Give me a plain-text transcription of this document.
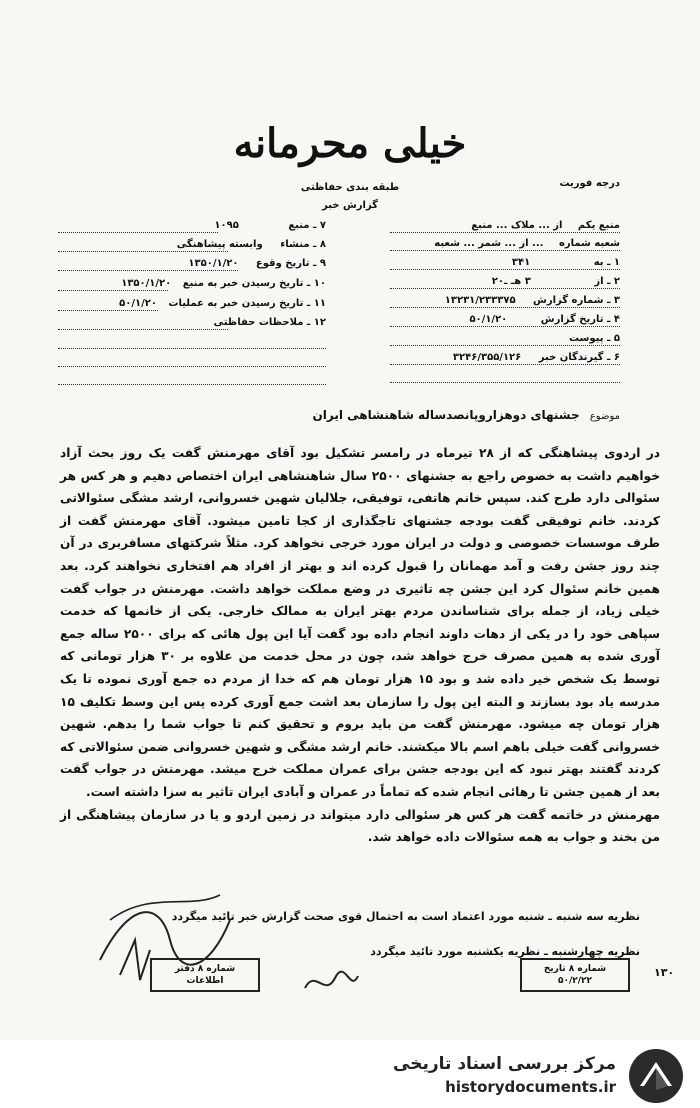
خیلی محرمانه
درجه فوریت
طبقه بندی حفاظتی
گزارش خبر
منبع یکم از ... ملاک ... منبع
شعبه شماره ... از ... شمر ... شعبه
۱ ـ به ۳۴۱
۲ ـ از ۳ هـ ـ۲۰
۳ ـ شماره گزارش ۱۳۲۳۱/۲۳۳۳۷۵
۴ ـ تاریخ گزارش ۵۰/۱/۲۰
۵ ـ پیوست
۶ ـ گیرندگان خبر ۳۲۴۶/۳۵۵/۱۲۶
۷ ـ منبع ۱۰۹۵
۸ ـ منشاء وابسته پیشاهنگی
۹ ـ تاریخ وقوع ۱۳۵۰/۱/۲۰
۱۰ ـ تاریخ رسیدن خبر به منبع ۱۳۵۰/۱/۲۰
۱۱ ـ تاریخ رسیدن خبر به عملیات ۵۰/۱/۲۰
۱۲ ـ ملاحظات حفاظتی
موضوع جشنهای دوهزاروپانصدساله شاهنشاهی ایران

در اردوی پیشاهنگی که از ۲۸ تیرماه در رامسر تشکیل بود آقای مهرمنش گفت یک روز بحث آزاد خواهیم داشت به خصوص راجع به جشنهای ۲۵۰۰ سال شاهنشاهی ایران اختصاص دهیم و هر کس هر سئوالی دارد طرح کند. سپس خانم هاتفی، توفیقی، جلالیان شهین خسروانی، ارشد مشگی سئوالاتی کردند. خانم توفیقی گفت بودجه جشنهای تاجگذاری از کجا تامین میشود. آقای مهرمنش گفت از طرف موسسات خصوصی و دولت در ایران مورد خرجی نخواهد کرد. مثلاً شرکتهای مسافربری در آن چند روز جشن رفت و آمد مهمانان را قبول کرده اند و بهتر از افراد هم افتخاری نخواهند کرد. بعد همین خانم سئوال کرد این جشن چه تاثیری در وضع مملکت خواهد داشت. مهرمنش در جواب گفت خیلی زیاد، از جمله برای شناساندن مردم بهتر ایران به ممالک خارجی. یکی از خانمها که خدمت سپاهی خود را در یکی از دهات داوند انجام داده بود گفت آیا این پول هائی که برای ۲۵۰۰ ساله جمع آوری شده به همین مصرف خرج خواهد شد، چون در محل خدمت من علاوه بر ۳۰ هزار تومانی که توسط یک شخص خیر داده شد و بود ۱۵ هزار تومان هم که خدا از مردم ده جمع آوری نموده تا یک مدرسه یاد بود بسازند و البته این پول را سازمان بعد اشت جمع آوری کرده پس این وسط تکلیف ۱۵ هزار تومان چه میشود. مهرمنش گفت من باید بروم و تحقیق کنم تا جواب شما را بدهم. شهین خسروانی گفت خیلی باهم اسم بالا میکشند. خانم ارشد مشگی و شهین خسروانی ضمن سئوالاتی که کردند گفتند بهتر نبود که این بودجه جشن برای عمران مملکت خرج میشد. مهرمنش در جواب گفت بعد از همین جشن تا رهائی انجام شده که تماماً در عمران و آبادی ایران تاثیر به سزا داشته است.

مهرمنش در خاتمه گفت هر کس هر سئوالی دارد میتواند در زمین اردو و یا در سازمان پیشاهنگی از من بخند و جواب به همه سئوالات داده خواهد شد.

نظریه سه شنبه ـ شنبه مورد اعتماد است به احتمال قوی صحت گزارش خبر تائید میگردد
نظریه چهارشنبه ـ نظریه یکشنبه مورد تائید میگردد
۱۳۰
شماره ۸ دفتر اطلاعات
شماره ۸ تاریخ ۵۰/۲/۲۲
مرکز بررسی اسناد تاریخی
historydocuments.ir
